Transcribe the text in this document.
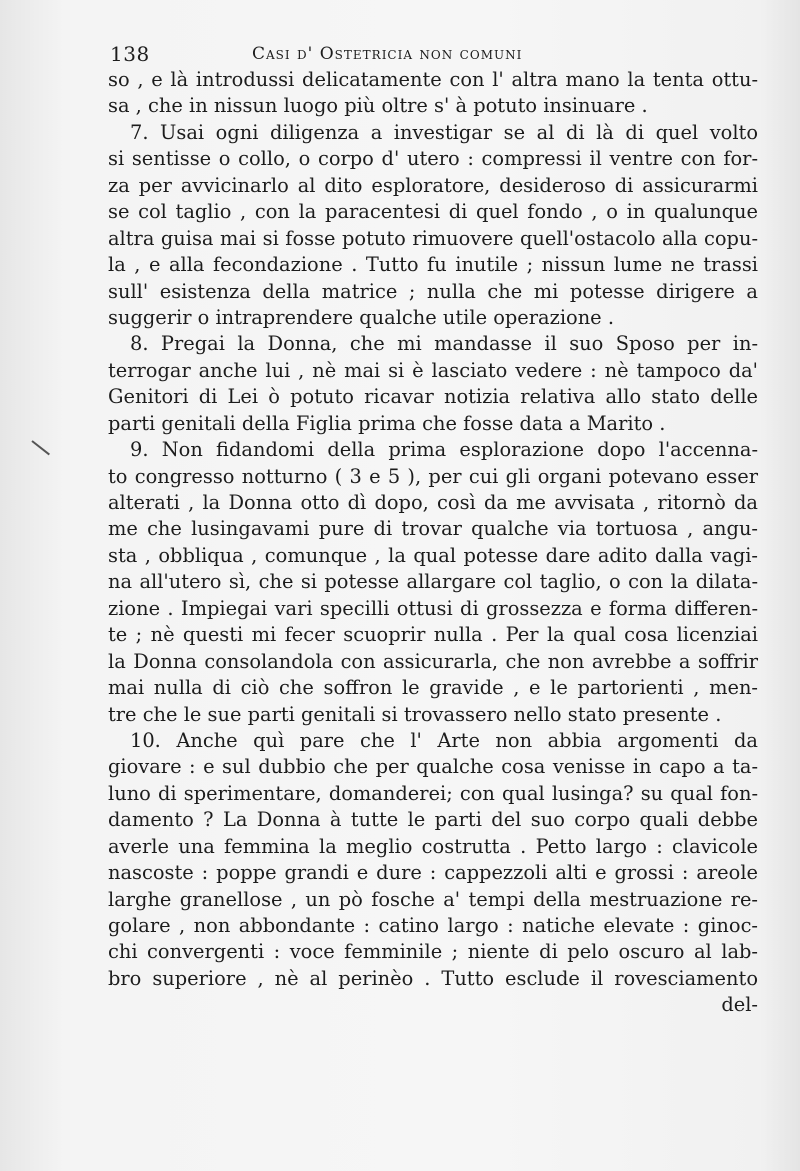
138	Casi d' Ostetricia non comuni
so , e là introdussi delicatamente con l' altra mano la tenta ottu-
sa , che in nissun luogo più oltre s' à potuto insinuare .
7. Usai ogni diligenza a investigar se al di là di quel volto
si sentisse o collo, o corpo d' utero : compressi il ventre con for-
za per avvicinarlo al dito esploratore, desideroso di assicurarmi
se col taglio , con la paracentesi di quel fondo , o in qualunque
altra guisa mai si fosse potuto rimuovere quell'ostacolo alla copu-
la , e alla fecondazione . Tutto fu inutile ; nissun lume ne trassi
sull' esistenza della matrice ; nulla che mi potesse dirigere a
suggerir o intraprendere qualche utile operazione .
8. Pregai la Donna, che mi mandasse il suo Sposo per in-
terrogar anche lui , nè mai si è lasciato vedere : nè tampoco da'
Genitori di Lei ò potuto ricavar notizia relativa allo stato delle
parti genitali della Figlia prima che fosse data a Marito .
9. Non fidandomi della prima esplorazione dopo l'accenna-
to congresso notturno ( 3 e 5 ), per cui gli organi potevano esser
alterati , la Donna otto dì dopo, così da me avvisata , ritornò da
me che lusingavami pure di trovar qualche via tortuosa , angu-
sta , obbliqua , comunque , la qual potesse dare adito dalla vagi-
na all'utero sì, che si potesse allargare col taglio, o con la dilata-
zione . Impiegai vari specilli ottusi di grossezza e forma differen-
te ; nè questi mi fecer scuoprir nulla . Per la qual cosa licenziai
la Donna consolandola con assicurarla, che non avrebbe a soffrir
mai nulla di ciò che soffron le gravide , e le partorienti , men-
tre che le sue parti genitali si trovassero nello stato presente .
10. Anche quì pare che l' Arte non abbia argomenti da
giovare : e sul dubbio che per qualche cosa venisse in capo a ta-
luno di sperimentare, domanderei; con qual lusinga? su qual fon-
damento ? La Donna à tutte le parti del suo corpo quali debbe
averle una femmina la meglio costrutta . Petto largo : clavicole
nascoste : poppe grandi e dure : cappezzoli alti e grossi : areole
larghe granellose , un pò fosche a' tempi della mestruazione re-
golare , non abbondante : catino largo : natiche elevate : ginoc-
chi convergenti : voce femminile ; niente di pelo oscuro al lab-
bro superiore , nè al perinèo . Tutto esclude il rovesciamento
del-
